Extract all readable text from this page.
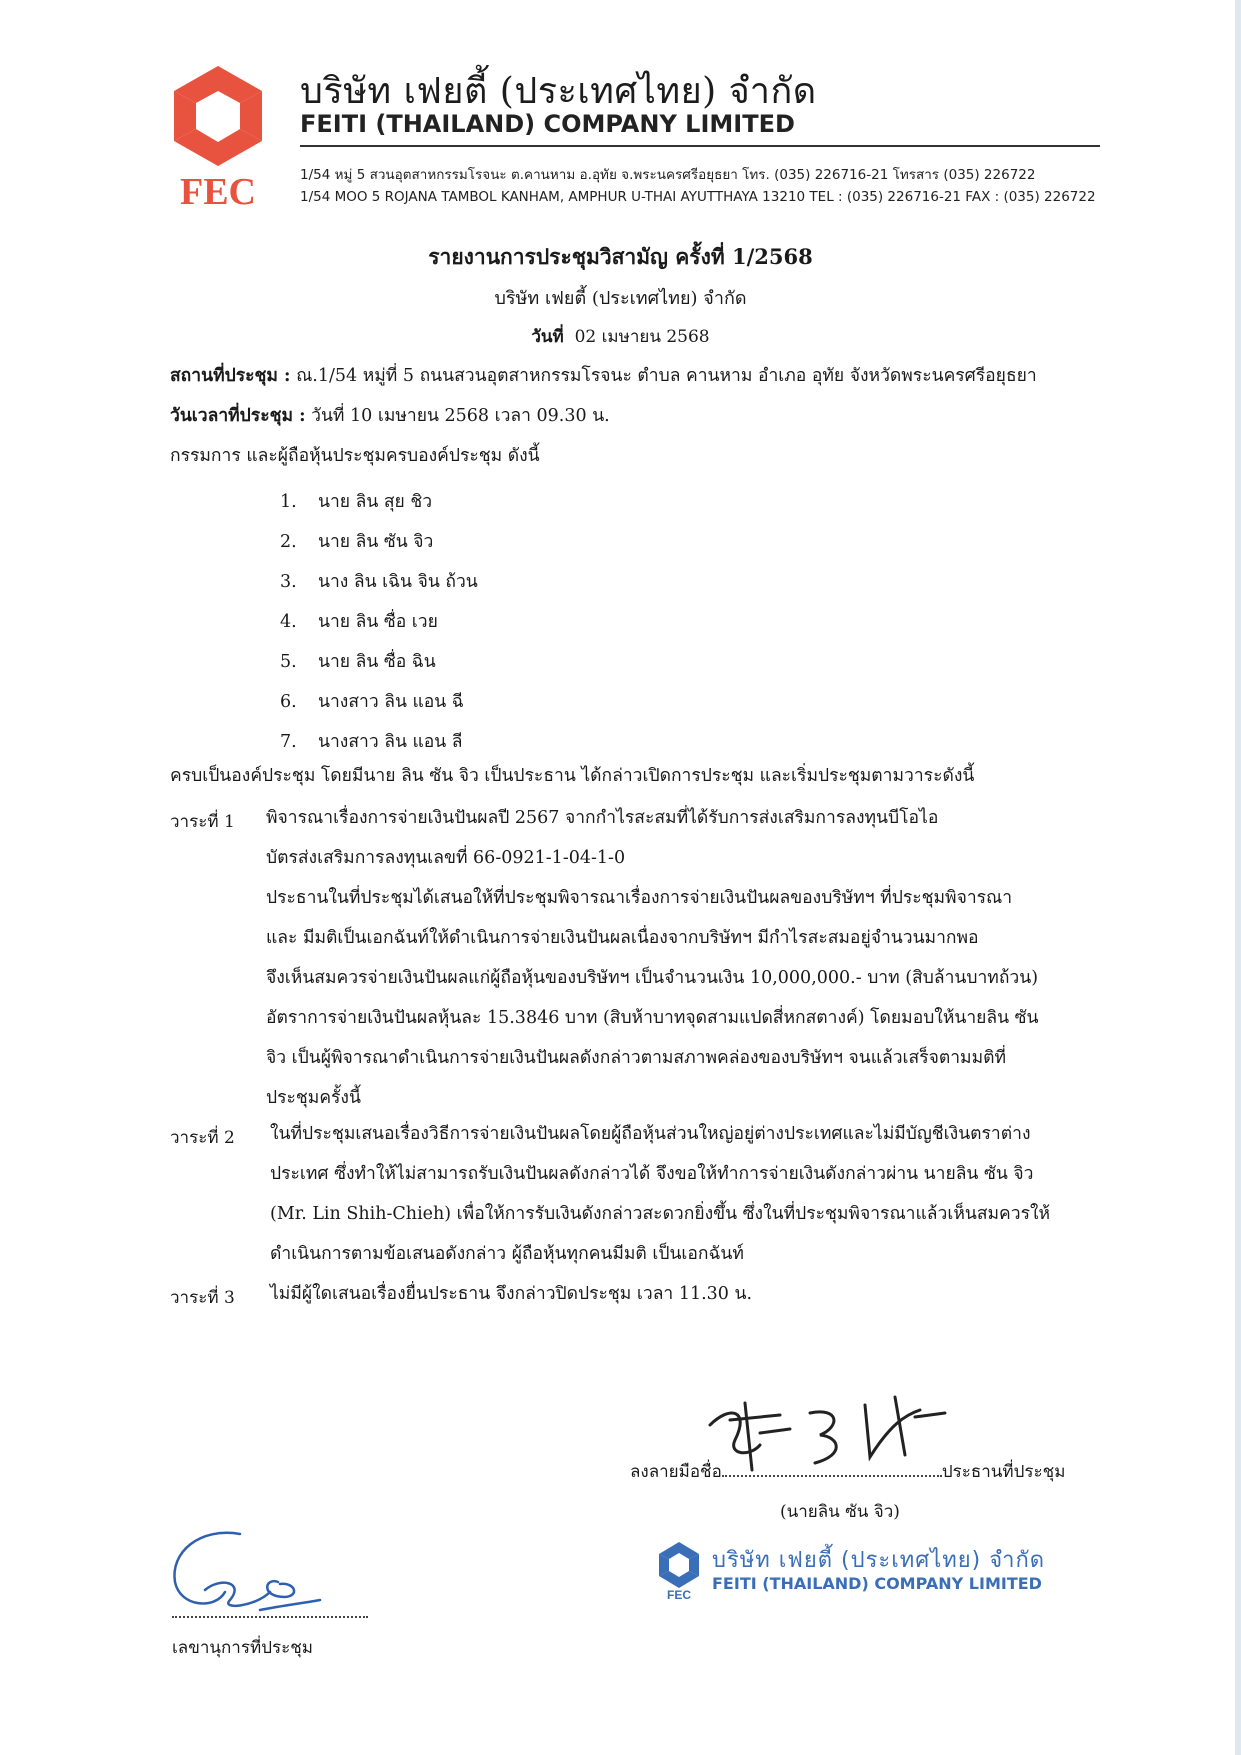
FEC
บริษัท เฟยตี้ (ประเทศไทย) จำกัด
FEITI (THAILAND) COMPANY LIMITED
1/54 หมู่ 5 สวนอุตสาหกรรมโรจนะ ต.คานหาม อ.อุทัย จ.พระนครศรีอยุธยา โทร. (035) 226716-21 โทรสาร (035) 226722
1/54 MOO 5 ROJANA TAMBOL KANHAM, AMPHUR U-THAI AYUTTHAYA 13210 TEL : (035) 226716-21 FAX : (035) 226722
รายงานการประชุมวิสามัญ ครั้งที่ 1/2568
บริษัท เฟยตี้ (ประเทศไทย) จำกัด
วันที่ 02 เมษายน 2568
สถานที่ประชุม : ณ.1/54 หมู่ที่ 5 ถนนสวนอุตสาหกรรมโรจนะ ตำบล คานหาม อำเภอ อุทัย จังหวัดพระนครศรีอยุธยา
วันเวลาที่ประชุม : วันที่ 10 เมษายน 2568 เวลา 09.30 น.
กรรมการ และผู้ถือหุ้นประชุมครบองค์ประชุม ดังนี้
1. นาย ลิน สุย ชิว
2. นาย ลิน ซัน จิว
3. นาง ลิน เฉิน จิน ถ้วน
4. นาย ลิน ซื่อ เวย
5. นาย ลิน ซื่อ ฉิน
6. นางสาว ลิน แอน ฉี
7. นางสาว ลิน แอน ลี
ครบเป็นองค์ประชุม โดยมีนาย ลิน ซัน จิว เป็นประธาน ได้กล่าวเปิดการประชุม และเริ่มประชุมตามวาระดังนี้
วาระที่ 1 พิจารณาเรื่องการจ่ายเงินปันผลปี 2567 จากกำไรสะสมที่ได้รับการส่งเสริมการลงทุนบีโอไอ
บัตรส่งเสริมการลงทุนเลขที่ 66-0921-1-04-1-0
ประธานในที่ประชุมได้เสนอให้ที่ประชุมพิจารณาเรื่องการจ่ายเงินปันผลของบริษัทฯ ที่ประชุมพิจารณา
และ มีมติเป็นเอกฉันท์ให้ดำเนินการจ่ายเงินปันผลเนื่องจากบริษัทฯ มีกำไรสะสมอยู่จำนวนมากพอ
จึงเห็นสมควรจ่ายเงินปันผลแก่ผู้ถือหุ้นของบริษัทฯ เป็นจำนวนเงิน 10,000,000.- บาท (สิบล้านบาทถ้วน)
อัตราการจ่ายเงินปันผลหุ้นละ 15.3846 บาท (สิบห้าบาทจุดสามแปดสี่หกสตางค์) โดยมอบให้นายลิน ซัน
จิว เป็นผู้พิจารณาดำเนินการจ่ายเงินปันผลดังกล่าวตามสภาพคล่องของบริษัทฯ จนแล้วเสร็จตามมติที่
ประชุมครั้งนี้
วาระที่ 2 ในที่ประชุมเสนอเรื่องวิธีการจ่ายเงินปันผลโดยผู้ถือหุ้นส่วนใหญ่อยู่ต่างประเทศและไม่มีบัญชีเงินตราต่าง
ประเทศ ซึ่งทำให้ไม่สามารถรับเงินปันผลดังกล่าวได้ จึงขอให้ทำการจ่ายเงินดังกล่าวผ่าน นายลิน ซัน จิว
(Mr. Lin Shih-Chieh) เพื่อให้การรับเงินดังกล่าวสะดวกยิ่งขึ้น ซึ่งในที่ประชุมพิจารณาแล้วเห็นสมควรให้
ดำเนินการตามข้อเสนอดังกล่าว ผู้ถือหุ้นทุกคนมีมติ เป็นเอกฉันท์
วาระที่ 3 ไม่มีผู้ใดเสนอเรื่องยื่นประธาน จึงกล่าวปิดประชุม เวลา 11.30 น.
ลงลายมือชื่อ	ประธานที่ประชุม
(นายลิน ซัน จิว)
FEC
บริษัท เฟยตี้ (ประเทศไทย) จำกัด
FEITI (THAILAND) COMPANY LIMITED
เลขานุการที่ประชุม
